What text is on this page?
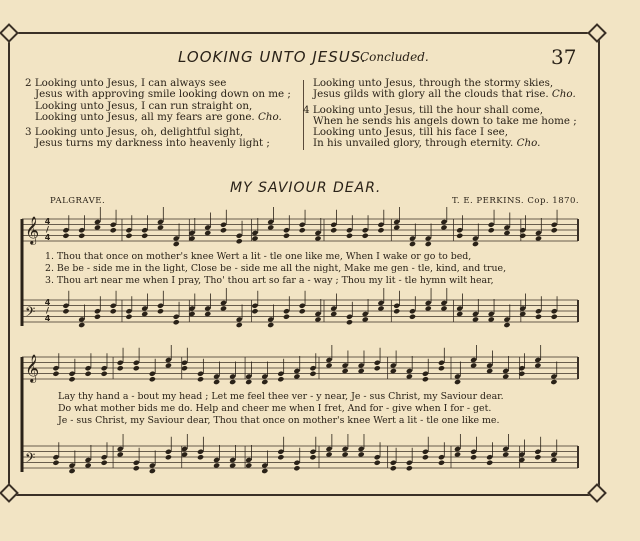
LOOKING UNTO JESUS.
Concluded.	37
2 Looking unto Jesus, I can always see
Jesus with approving smile looking down on me ;
Looking unto Jesus, I can run straight on,
Looking unto Jesus, all my fears are gone. Cho.
3 Looking unto Jesus, oh, delightful sight,
Jesus turns my darkness into heavenly light ;
Looking unto Jesus, through the stormy skies,
Jesus gilds with glory all the clouds that rise. Cho.
4 Looking unto Jesus, till the hour shall come,
When he sends his angels down to take me home ;
Looking unto Jesus, till his face I see,
In his unvailed glory, through eternity. Cho.
MY SAVIOUR DEAR.
PALGRAVE.	T. E. PERKINS. Cop. 1870.
𝄞
𝄢
𝄞
𝄢
4/4
4/4
1. Thou that once on mother's knee Wert a lit - tle one like me, When I wake or go to bed,
2. Be be - side me in the light, Close be - side me all the night, Make me gen - tle, kind, and true,
3. Thou art near me when I pray, Tho' thou art so far a - way ; Thou my lit - tle hymn wilt hear,
Lay thy hand a - bout my head ; Let me feel thee ver - y near, Je - sus Christ, my Saviour dear.
Do what mother bids me do. Help and cheer me when I fret, And for - give when I for - get.
Je - sus Christ, my Saviour dear, Thou that once on mother's knee Wert a lit - tle one like me.
